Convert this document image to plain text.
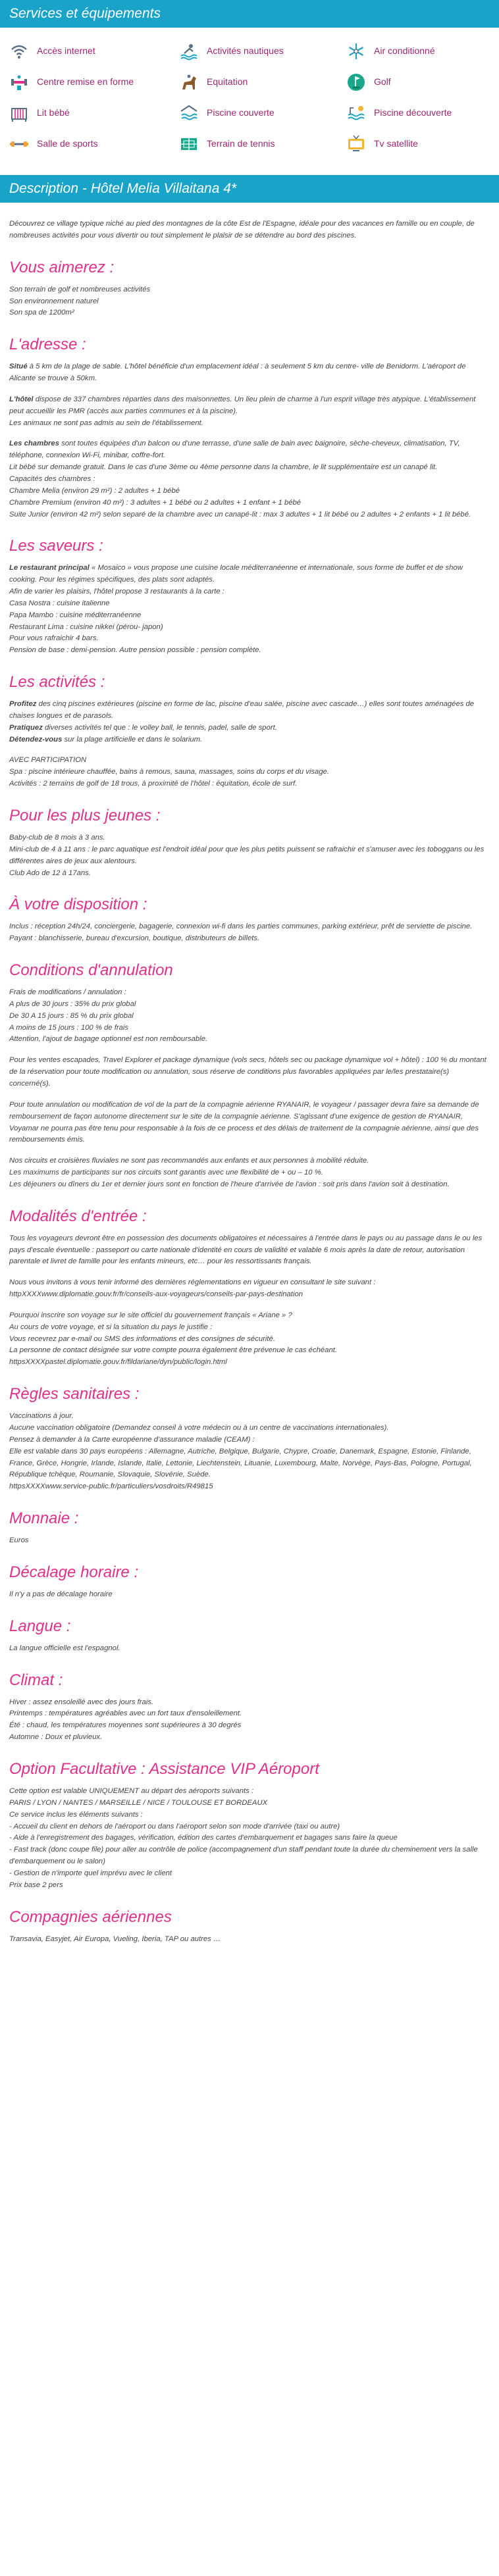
Services et équipements
Accès internet	Activités nautiques	Air conditionné
Centre remise en forme	Equitation	Golf
Lit bébé	Piscine couverte	Piscine découverte
Salle de sports	Terrain de tennis	Tv satellite
Description - Hôtel Melia Villaitana 4*

Découvrez ce village typique niché au pied des montagnes de la côte Est de l'Espagne, idéale pour des vacances en famille ou en couple, de nombreuses activités pour vous divertir ou tout simplement le plaisir de se détendre au bord des piscines.

Vous aimerez :

Son terrain de golf et nombreuses activités
Son environnement naturel
Son spa de 1200m²

L'adresse :

Situé à 5 km de la plage de sable. L'hôtel bénéficie d'un emplacement idéal : à seulement 5 km du centre- ville de Benidorm. L'aéroport de Alicante se trouve à 50km.

L'hôtel dispose de 337 chambres réparties dans des maisonnettes. Un lieu plein de charme à l'un esprit village très atypique. L'établissement peut accueillir les PMR (accès aux parties communes et à la piscine).
Les animaux ne sont pas admis au sein de l'établissement.

Les chambres sont toutes équipées d'un balcon ou d'une terrasse, d'une salle de bain avec baignoire, sèche-cheveux, climatisation, TV, téléphone, connexion Wi-Fi, minibar, coffre-fort.
Lit bébé sur demande gratuit. Dans le cas d'une 3ème ou 4ème personne dans la chambre, le lit supplémentaire est un canapé lit.
Capacités des chambres :
Chambre Melia (environ 29 m²) : 2 adultes + 1 bébé
Chambre Premium (environ 40 m²) : 3 adultes + 1 bébé ou 2 adultes + 1 enfant + 1 bébé
Suite Junior (environ 42 m²) selon separé de la chambre avec un canapé-lit : max 3 adultes + 1 lit bébé ou 2 adultes + 2 enfants + 1 lit bébé.

Les saveurs :

Le restaurant principal « Mosaico » vous propose une cuisine locale méditerranéenne et internationale, sous forme de buffet et de show cooking. Pour les régimes spécifiques, des plats sont adaptés.
Afin de varier les plaisirs, l'hôtel propose 3 restaurants à la carte :
Casa Nostra : cuisine italienne
Papa Mambo : cuisine méditerranéenne
Restaurant Lima : cuisine nikkei (pérou- japon)
Pour vous rafraichir 4 bars.
Pension de base : demi-pension. Autre pension possible : pension complète.

Les activités :

Profitez des cinq piscines extérieures (piscine en forme de lac, piscine d'eau salée, piscine avec cascade…) elles sont toutes aménagées de chaises longues et de parasols.
Pratiquez diverses activités tel que : le volley ball, le tennis, padel, salle de sport.
Détendez-vous sur la plage artificielle et dans le solarium.

AVEC PARTICIPATION
Spa : piscine intérieure chauffée, bains à remous, sauna, massages, soins du corps et du visage.
Activités : 2 terrains de golf de 18 trous, à proximité de l'hôtel : équitation, école de surf.

Pour les plus jeunes :

Baby-club de 8 mois à 3 ans.
Mini-club de 4 à 11 ans : le parc aquatique est l'endroit idéal pour que les plus petits puissent se rafraichir et s'amuser avec les toboggans ou les différentes aires de jeux aux alentours.
Club Ado de 12 à 17ans.

À votre disposition :

Inclus : réception 24h/24, conciergerie, bagagerie, connexion wi-fi dans les parties communes, parking extérieur, prêt de serviette de piscine.
Payant : blanchisserie, bureau d'excursion, boutique, distributeurs de billets.

Conditions d'annulation

Frais de modifications / annulation :
A plus de 30 jours : 35% du prix global
De 30 A 15 jours : 85 % du prix global
A moins de 15 jours : 100 % de frais
Attention, l'ajout de bagage optionnel est non remboursable.

Pour les ventes escapades, Travel Explorer et package dynamique (vols secs, hôtels sec ou package dynamique vol + hôtel) : 100 % du montant de la réservation pour toute modification ou annulation, sous réserve de conditions plus favorables appliquées par le/les prestataire(s) concerné(s).

Pour toute annulation ou modification de vol de la part de la compagnie aérienne RYANAIR, le voyageur / passager devra faire sa demande de remboursement de façon autonome directement sur le site de la compagnie aérienne. S'agissant d'une exigence de gestion de RYANAIR, Voyamar ne pourra pas être tenu pour responsable à la fois de ce process et des délais de traitement de la compagnie aérienne, ainsi que des remboursements émis.

Nos circuits et croisières fluviales ne sont pas recommandés aux enfants et aux personnes à mobilité réduite.
Les maximums de participants sur nos circuits sont garantis avec une flexibilité de + ou – 10 %.
Les déjeuners ou dîners du 1er et dernier jours sont en fonction de l'heure d'arrivée de l'avion : soit pris dans l'avion soit à destination.

Modalités d'entrée :

Tous les voyageurs devront être en possession des documents obligatoires et nécessaires à l'entrée dans le pays ou au passage dans le ou les pays d'escale éventuelle : passeport ou carte nationale d'identité en cours de validité et valable 6 mois après la date de retour, autorisation parentale et livret de famille pour les enfants mineurs, etc… pour les ressortissants français.

Nous vous invitons à vous tenir informé des dernières réglementations en vigueur en consultant le site suivant : httpXXXXwww.diplomatie.gouv.fr/fr/conseils-aux-voyageurs/conseils-par-pays-destination

Pourquoi inscrire son voyage sur le site officiel du gouvernement français « Ariane » ?
Au cours de votre voyage, et si la situation du pays le justifie :
Vous recevrez par e-mail ou SMS des informations et des consignes de sécurité.
La personne de contact désignée sur votre compte pourra également être prévenue le cas échéant.
httpsXXXXpastel.diplomatie.gouv.fr/fildariane/dyn/public/login.html

Règles sanitaires :

Vaccinations à jour.
Aucune vaccination obligatoire (Demandez conseil à votre médecin ou à un centre de vaccinations internationales).
Pensez à demander à la Carte européenne d'assurance maladie (CEAM) :
Elle est valable dans 30 pays européens : Allemagne, Autriche, Belgique, Bulgarie, Chypre, Croatie, Danemark, Espagne, Estonie, Finlande, France, Grèce, Hongrie, Irlande, Islande, Italie, Lettonie, Liechtenstein, Lituanie, Luxembourg, Malte, Norvège, Pays-Bas, Pologne, Portugal, République tchèque, Roumanie, Slovaquie, Slovénie, Suède.
httpsXXXXwww.service-public.fr/particuliers/vosdroits/R49815

Monnaie :

Euros

Décalage horaire :

Il n'y a pas de décalage horaire

Langue :

La langue officielle est l'espagnol.

Climat :

Hiver : assez ensoleillé avec des jours frais.
Printemps : températures agréables avec un fort taux d'ensoleillement.
Été : chaud, les températures moyennes sont supérieures à 30 degrés
Automne : Doux et pluvieux.

Option Facultative : Assistance VIP Aéroport

Cette option est valable UNIQUEMENT au départ des aéroports suivants :
PARIS / LYON / NANTES / MARSEILLE / NICE / TOULOUSE ET BORDEAUX
Ce service inclus les éléments suivants :
- Accueil du client en dehors de l'aéroport ou dans l'aéroport selon son mode d'arrivée (taxi ou autre)
- Aide à l'enregistrement des bagages, vérification, édition des cartes d'embarquement et bagages sans faire la queue
- Fast track (donc coupe file) pour aller au contrôle de police (accompagnement d'un staff pendant toute la durée du cheminement vers la salle d'embarquement ou le salon)
- Gestion de n'importe quel imprévu avec le client
Prix base 2 pers

Compagnies aériennes

Transavia, Easyjet, Air Europa, Vueling, Iberia, TAP ou autres …
